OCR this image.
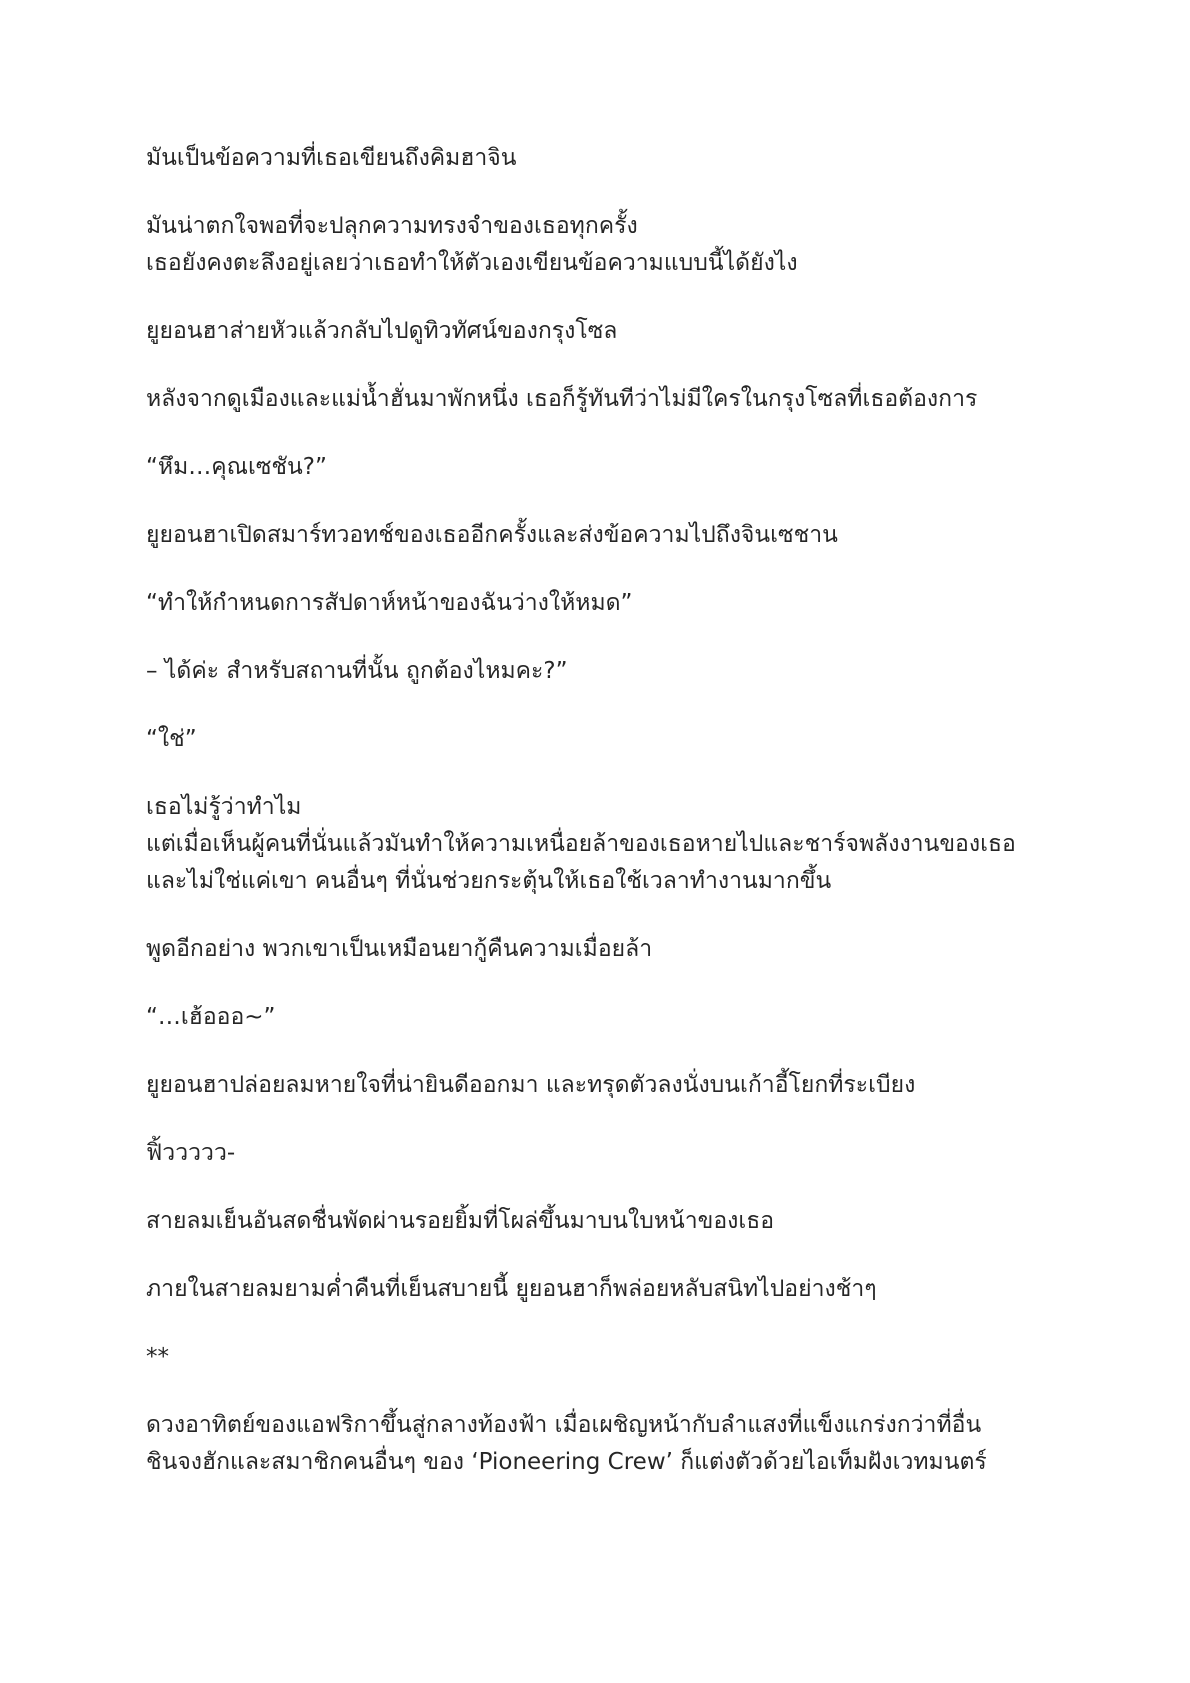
มันเป็นข้อความที่เธอเขียนถึงคิมฮาจิน

มันน่าตกใจพอที่จะปลุกความทรงจำของเธอทุกครั้ง
เธอยังคงตะลึงอยู่เลยว่าเธอทำให้ตัวเองเขียนข้อความแบบนี้ได้ยังไง

ยูยอนฮาส่ายหัวแล้วกลับไปดูทิวทัศน์ของกรุงโซล

หลังจากดูเมืองและแม่น้ำฮั่นมาพักหนึ่ง เธอก็รู้ทันทีว่าไม่มีใครในกรุงโซลที่เธอต้องการ

“หึม…คุณเซชัน?”

ยูยอนฮาเปิดสมาร์ทวอทช์ของเธออีกครั้งและส่งข้อความไปถึงจินเซชาน

“ทำให้กำหนดการสัปดาห์หน้าของฉันว่างให้หมด”

– ได้ค่ะ สำหรับสถานที่นั้น ถูกต้องไหมคะ?”

“ใช่”

เธอไม่รู้ว่าทำไม
แต่เมื่อเห็นผู้คนที่นั่นแล้วมันทำให้ความเหนื่อยล้าของเธอหายไปและชาร์จพลังงานของเธอ
และไม่ใช่แค่เขา คนอื่นๆ ที่นั่นช่วยกระตุ้นให้เธอใช้เวลาทำงานมากขึ้น

พูดอีกอย่าง พวกเขาเป็นเหมือนยากู้คืนความเมื่อยล้า

“…เฮ้อออ~”

ยูยอนฮาปล่อยลมหายใจที่น่ายินดีออกมา และทรุดตัวลงนั่งบนเก้าอี้โยกที่ระเบียง

ฟิ้ววววว-

สายลมเย็นอันสดชื่นพัดผ่านรอยยิ้มที่โผล่ขึ้นมาบนใบหน้าของเธอ

ภายในสายลมยามค่ำคืนที่เย็นสบายนี้ ยูยอนฮาก็พล่อยหลับสนิทไปอย่างช้าๆ

**

ดวงอาทิตย์ของแอฟริกาขึ้นสู่กลางท้องฟ้า เมื่อเผชิญหน้ากับลำแสงที่แข็งแกร่งกว่าที่อื่น
ชินจงฮักและสมาชิกคนอื่นๆ ของ ‘Pioneering Crew’ ก็แต่งตัวด้วยไอเท็มฝังเวทมนตร์
